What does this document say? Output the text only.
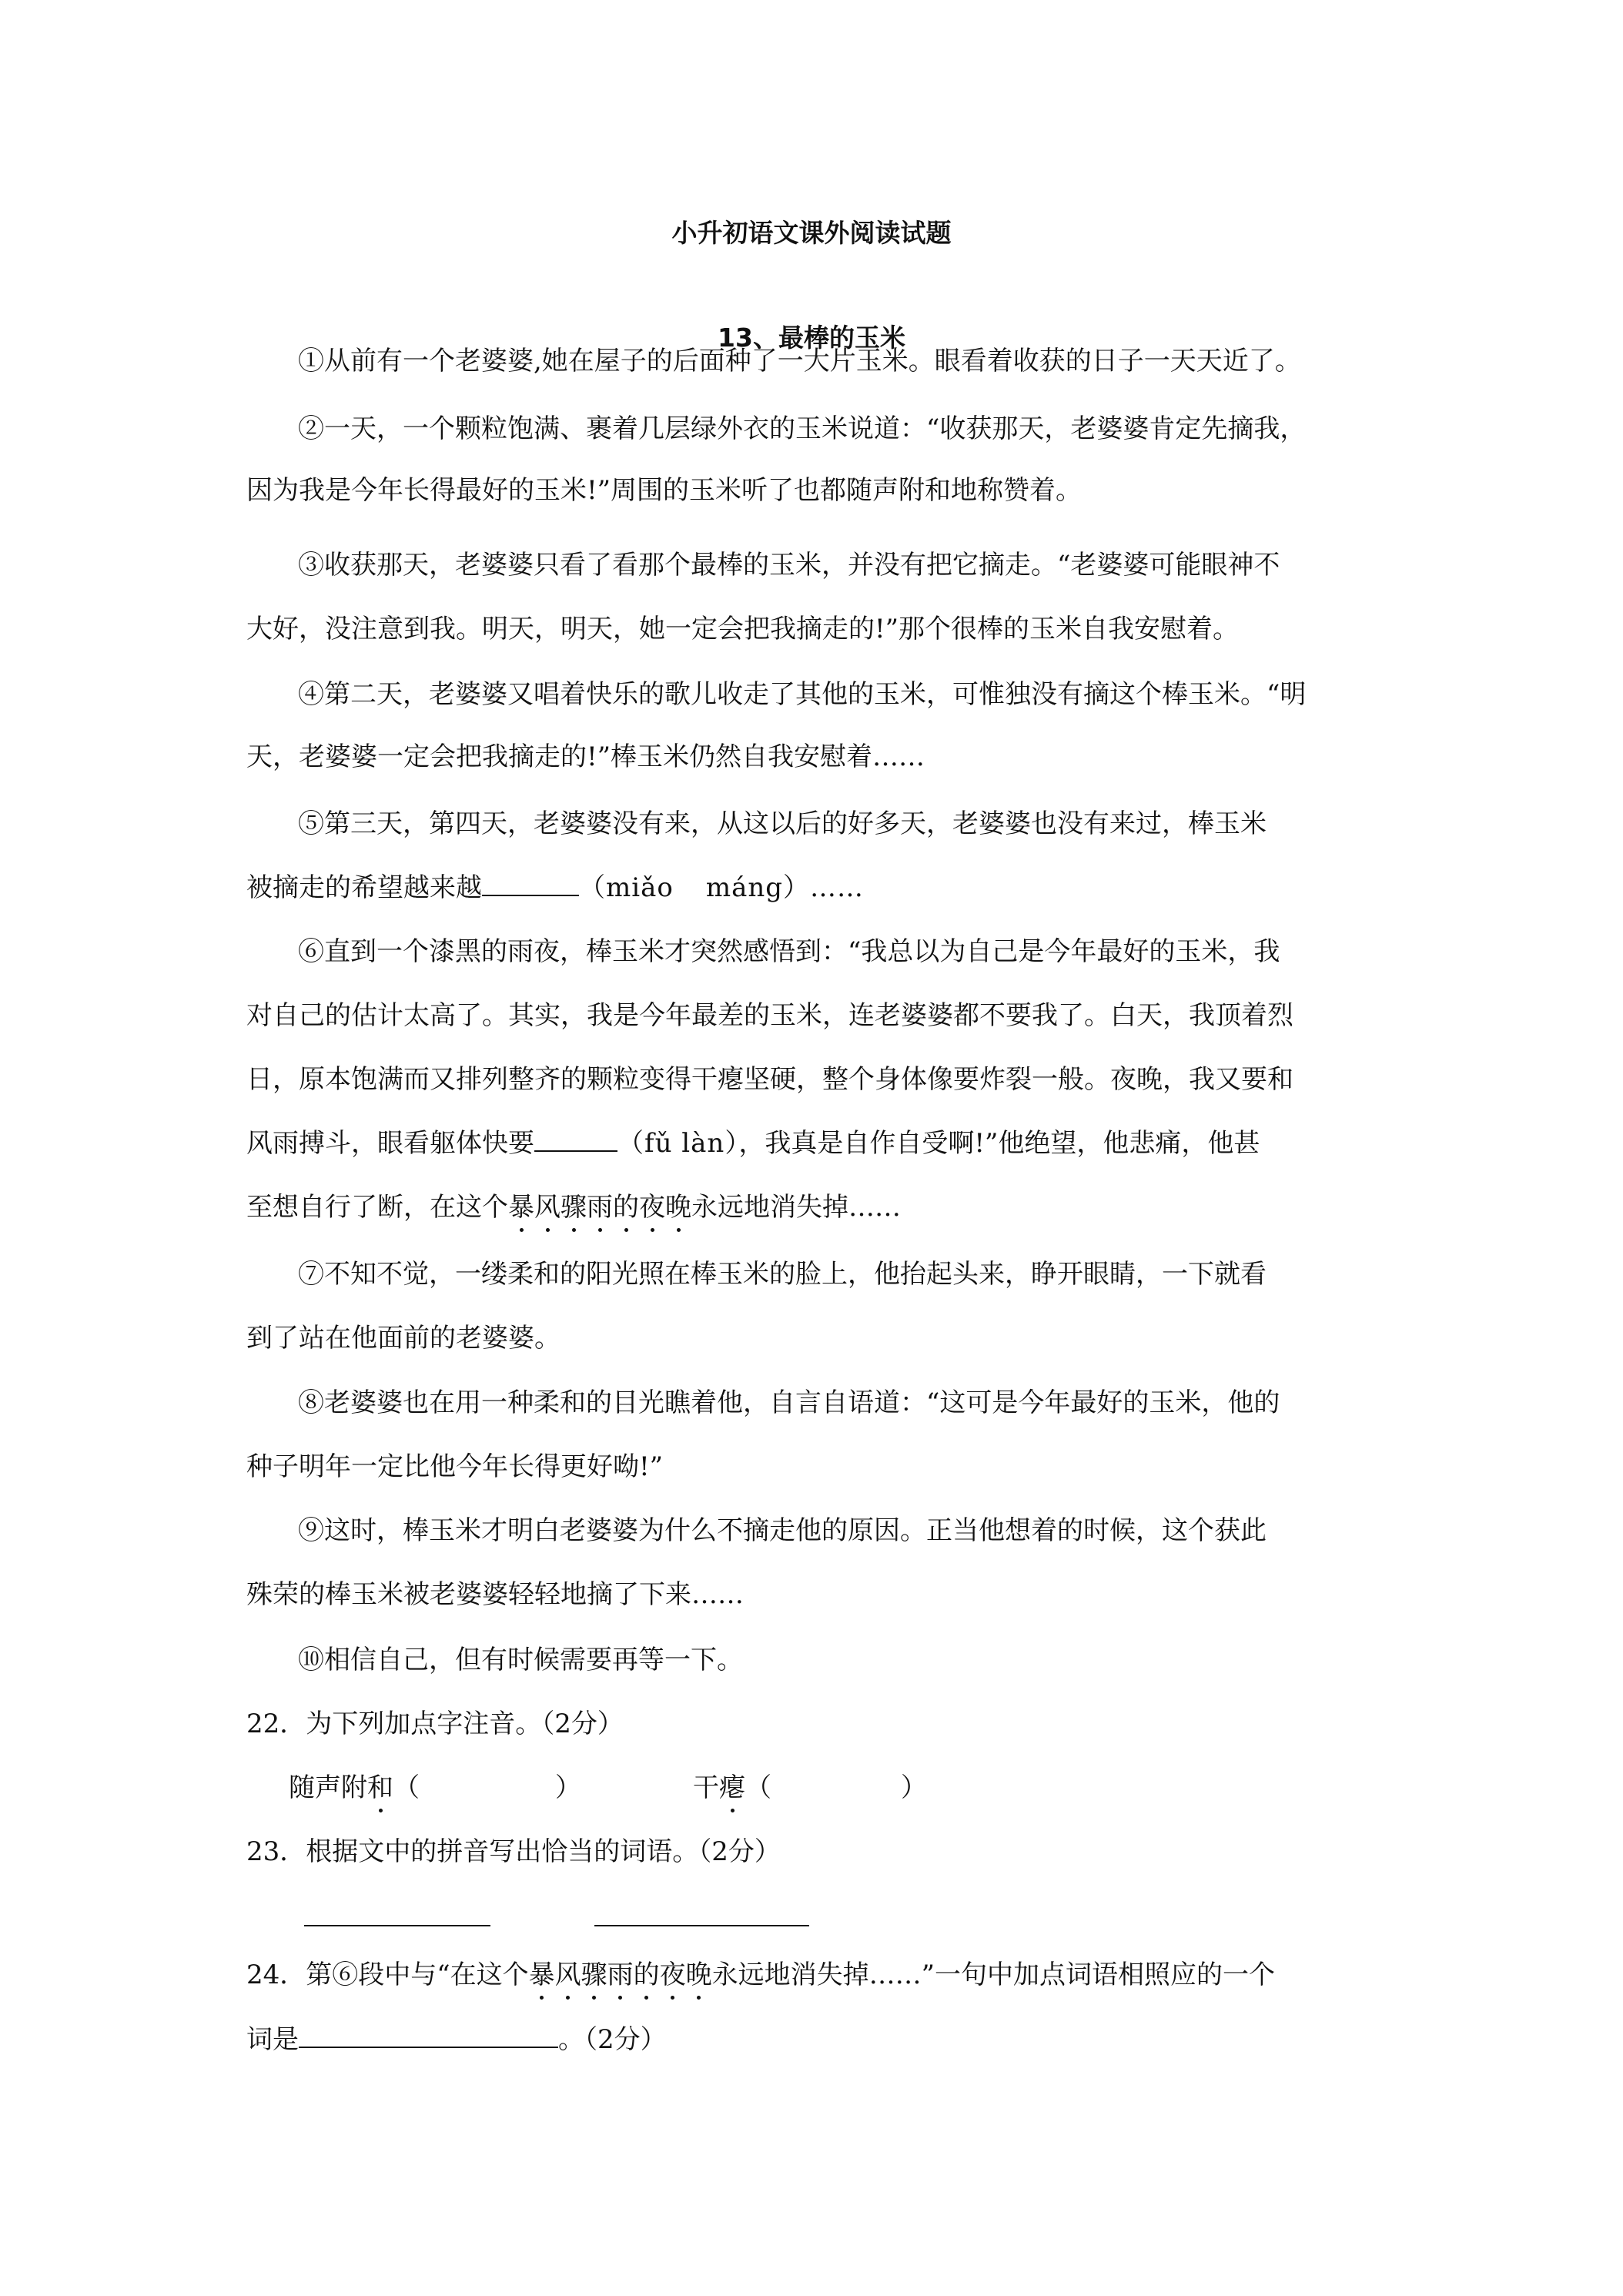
小升初语文课外阅读试题
13、最棒的玉米
①从前有一个老婆婆,她在屋子的后面种了一大片玉米。眼看着收获的日子一天天近了。
②一天，一个颗粒饱满、裹着几层绿外衣的玉米说道：“收获那天，老婆婆肯定先摘我，
因为我是今年长得最好的玉米!”周围的玉米听了也都随声附和地称赞着。
③收获那天，老婆婆只看了看那个最棒的玉米，并没有把它摘走。“老婆婆可能眼神不
大好，没注意到我。明天，明天，她一定会把我摘走的!”那个很棒的玉米自我安慰着。
④第二天，老婆婆又唱着快乐的歌儿收走了其他的玉米，可惟独没有摘这个棒玉米。“明
天，老婆婆一定会把我摘走的!”棒玉米仍然自我安慰着……
⑤第三天，第四天，老婆婆没有来，从这以后的好多天，老婆婆也没有来过，棒玉米
被摘走的希望越来越	（miǎo máng）……
⑥直到一个漆黑的雨夜，棒玉米才突然感悟到：“我总以为自己是今年最好的玉米，我
对自己的估计太高了。其实，我是今年最差的玉米，连老婆婆都不要我了。白天，我顶着烈
日，原本饱满而又排列整齐的颗粒变得干瘪坚硬，整个身体像要炸裂一般。夜晚，我又要和
风雨搏斗，眼看躯体快要	（fǔ làn），我真是自作自受啊!”他绝望，他悲痛，他甚
至想自行了断，在这个暴风骤雨的夜晚永远地消失掉……
⑦不知不觉，一缕柔和的阳光照在棒玉米的脸上，他抬起头来，睁开眼睛，一下就看
到了站在他面前的老婆婆。
⑧老婆婆也在用一种柔和的目光瞧着他，自言自语道：“这可是今年最好的玉米，他的
种子明年一定比他今年长得更好呦!”
⑨这时，棒玉米才明白老婆婆为什么不摘走他的原因。正当他想着的时候，这个获此
殊荣的棒玉米被老婆婆轻轻地摘了下来……
⑩相信自己，但有时候需要再等一下。
22．为下列加点字注音。（2分）
随声附和（	）	干瘪（	）
23．根据文中的拼音写出恰当的词语。（2分）
24．第⑥段中与“在这个暴风骤雨的夜晚永远地消失掉……”一句中加点词语相照应的一个
词是	。（2分）
